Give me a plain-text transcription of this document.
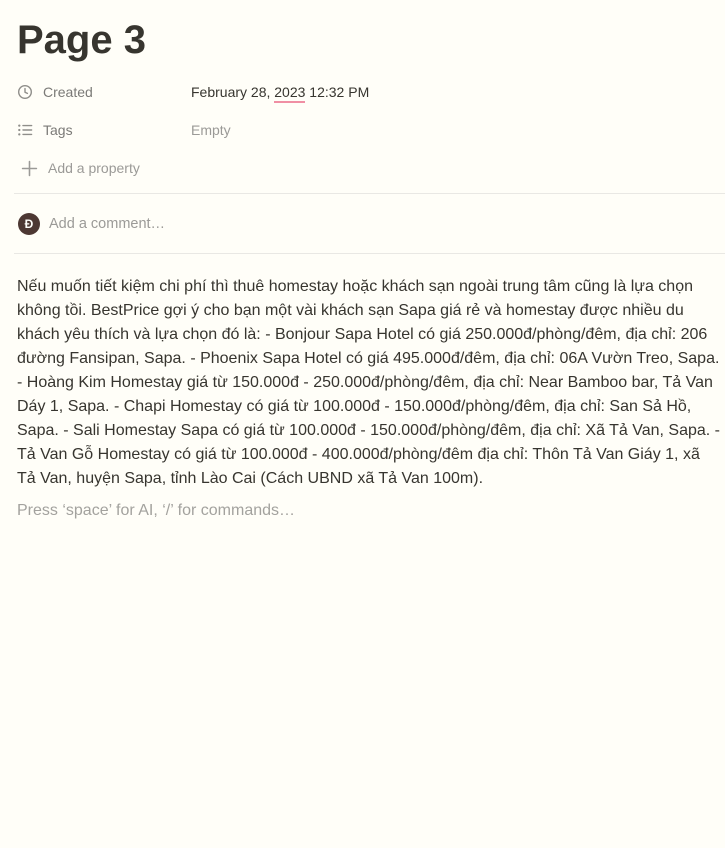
Page 3
Created	February 28, 2023 12:32 PM
Tags	Empty
Add a property
Đ	Add a comment…
Nếu muốn tiết kiệm chi phí thì thuê homestay hoặc khách sạn ngoài trung tâm cũng là lựa chọn không tồi. BestPrice gợi ý cho bạn một vài khách sạn Sapa giá rẻ và homestay được nhiều du khách yêu thích và lựa chọn đó là: - Bonjour Sapa Hotel có giá 250.000đ/phòng/đêm, địa chỉ: 206 đường Fansipan, Sapa. - Phoenix Sapa Hotel có giá 495.000đ/đêm, địa chỉ: 06A Vườn Treo, Sapa. - Hoàng Kim Homestay giá từ 150.000đ - 250.000đ/phòng/đêm, địa chỉ: Near Bamboo bar, Tả Van Dáy 1, Sapa. - Chapi Homestay có giá từ 100.000đ - 150.000đ/phòng/đêm, địa chỉ: San Sả Hồ, Sapa. - Sali Homestay Sapa có giá từ 100.000đ - 150.000đ/phòng/đêm, địa chỉ: Xã Tả Van, Sapa. - Tả Van Gỗ Homestay có giá từ 100.000đ - 400.000đ/phòng/đêm địa chỉ: Thôn Tả Van Giáy 1, xã Tả Van, huyện Sapa, tỉnh Lào Cai (Cách UBND xã Tả Van 100m).
Press ‘space’ for AI, ‘/’ for commands…
